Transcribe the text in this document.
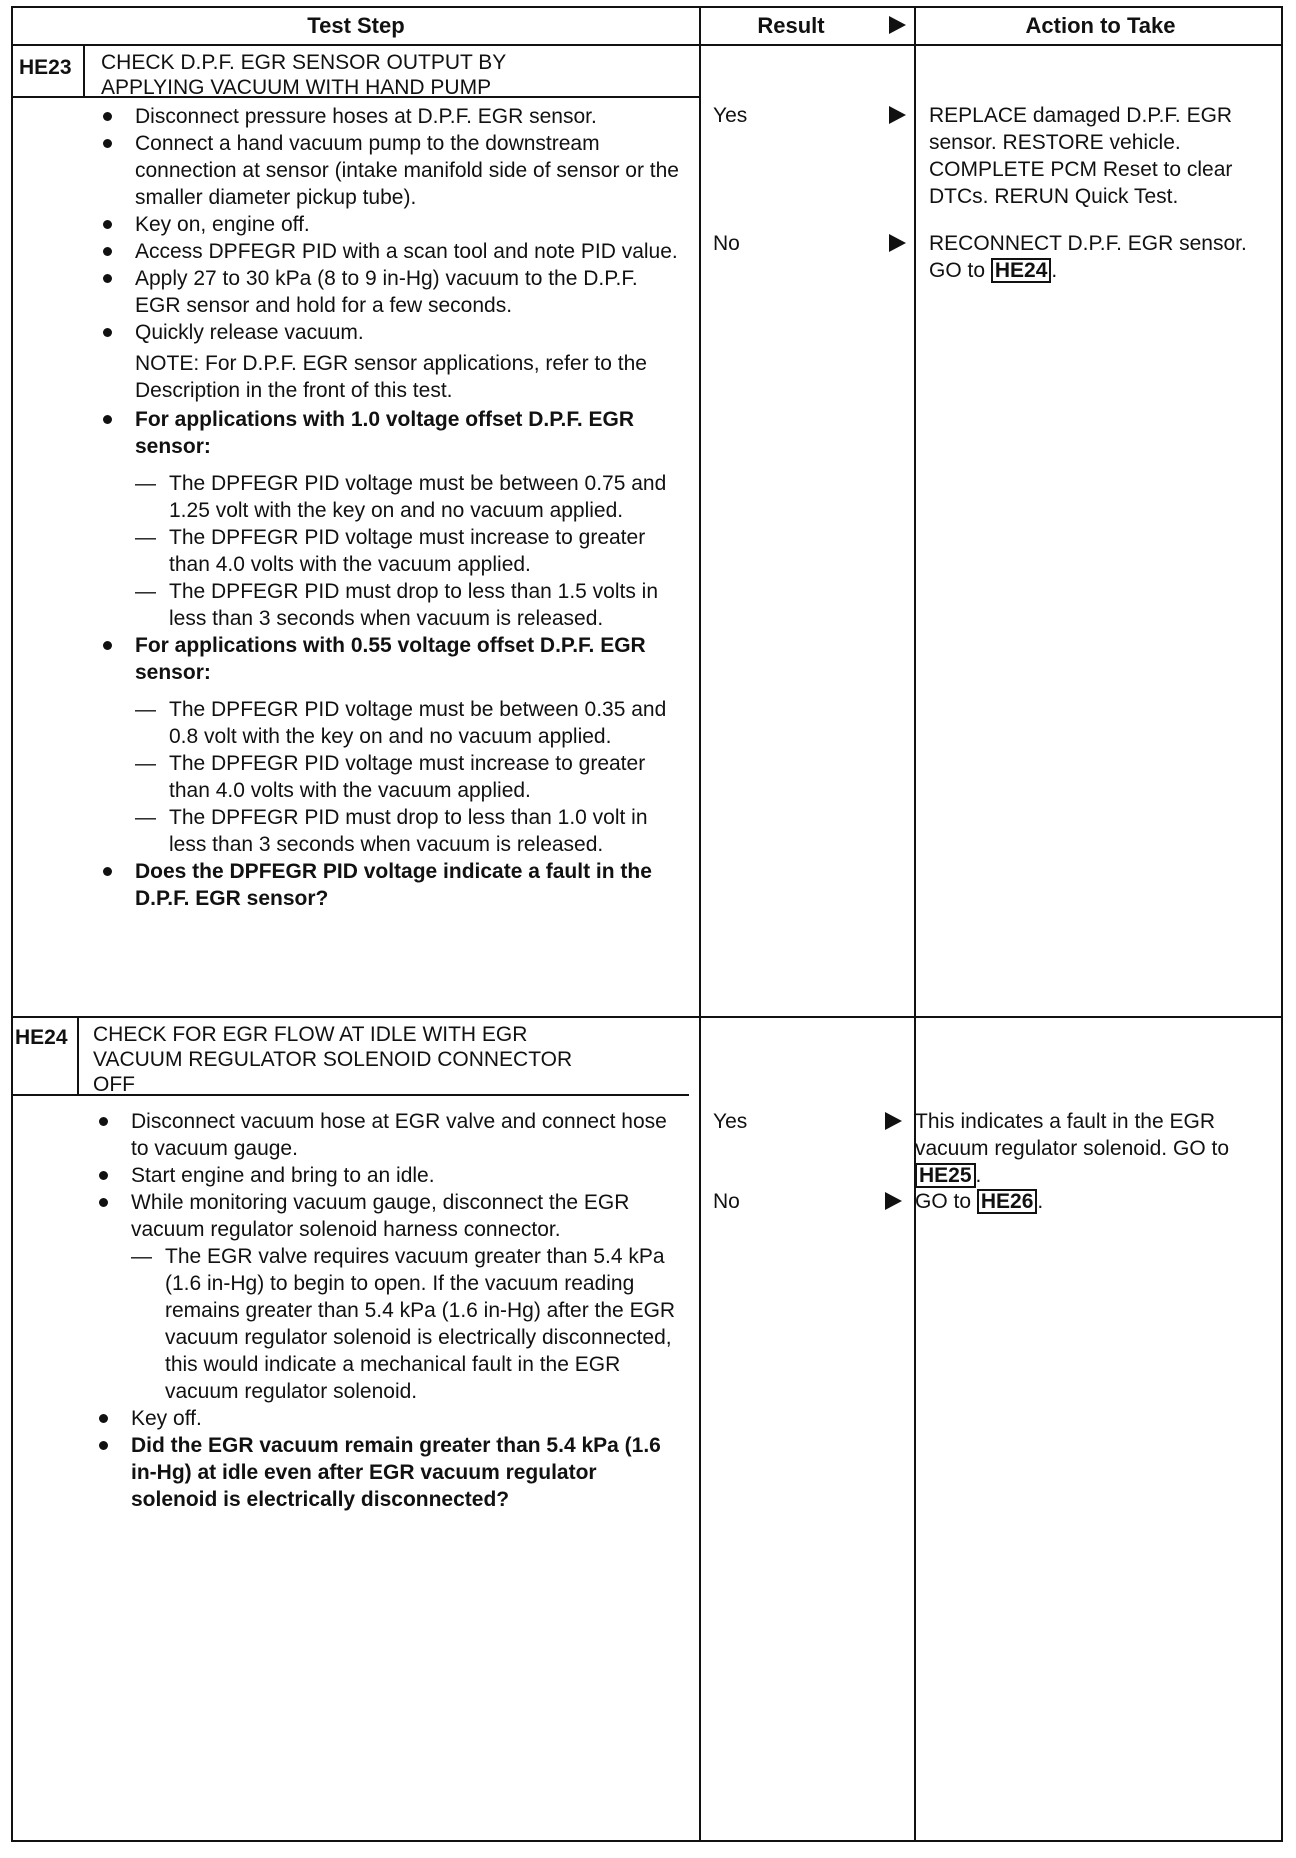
Test Step	Result	Action to Take
HE23 CHECK D.P.F. EGR SENSOR OUTPUT BY
APPLYING VACUUM WITH HAND PUMP
Disconnect pressure hoses at D.P.F. EGR sensor.
Connect a hand vacuum pump to the downstream connection at sensor (intake manifold side of sensor or the smaller diameter pickup tube).
Key on, engine off.
Access DPFEGR PID with a scan tool and note PID value.
Apply 27 to 30 kPa (8 to 9 in-Hg) vacuum to the D.P.F. EGR sensor and hold for a few seconds.
Quickly release vacuum.
NOTE: For D.P.F. EGR sensor applications, refer to the Description in the front of this test.
For applications with 1.0 voltage offset D.P.F. EGR sensor:
— The DPFEGR PID voltage must be between 0.75 and 1.25 volt with the key on and no vacuum applied.
— The DPFEGR PID voltage must increase to greater than 4.0 volts with the vacuum applied.
— The DPFEGR PID must drop to less than 1.5 volts in less than 3 seconds when vacuum is released.
For applications with 0.55 voltage offset D.P.F. EGR sensor:
— The DPFEGR PID voltage must be between 0.35 and 0.8 volt with the key on and no vacuum applied.
— The DPFEGR PID voltage must increase to greater than 4.0 volts with the vacuum applied.
— The DPFEGR PID must drop to less than 1.0 volt in less than 3 seconds when vacuum is released.
Does the DPFEGR PID voltage indicate a fault in the D.P.F. EGR sensor?
Yes	REPLACE damaged D.P.F. EGR sensor. RESTORE vehicle. COMPLETE PCM Reset to clear DTCs. RERUN Quick Test.
No	RECONNECT D.P.F. EGR sensor. GO to HE24 .
HE24 CHECK FOR EGR FLOW AT IDLE WITH EGR
VACUUM REGULATOR SOLENOID CONNECTOR
OFF
Disconnect vacuum hose at EGR valve and connect hose to vacuum gauge.
Start engine and bring to an idle.
While monitoring vacuum gauge, disconnect the EGR vacuum regulator solenoid harness connector.
— The EGR valve requires vacuum greater than 5.4 kPa (1.6 in-Hg) to begin to open. If the vacuum reading remains greater than 5.4 kPa (1.6 in-Hg) after the EGR vacuum regulator solenoid is electrically disconnected, this would indicate a mechanical fault in the EGR vacuum regulator solenoid.
Key off.
Did the EGR vacuum remain greater than 5.4 kPa (1.6 in-Hg) at idle even after EGR vacuum regulator solenoid is electrically disconnected?
Yes	This indicates a fault in the EGR vacuum regulator solenoid. GO to HE25 .
No	GO to HE26 .
